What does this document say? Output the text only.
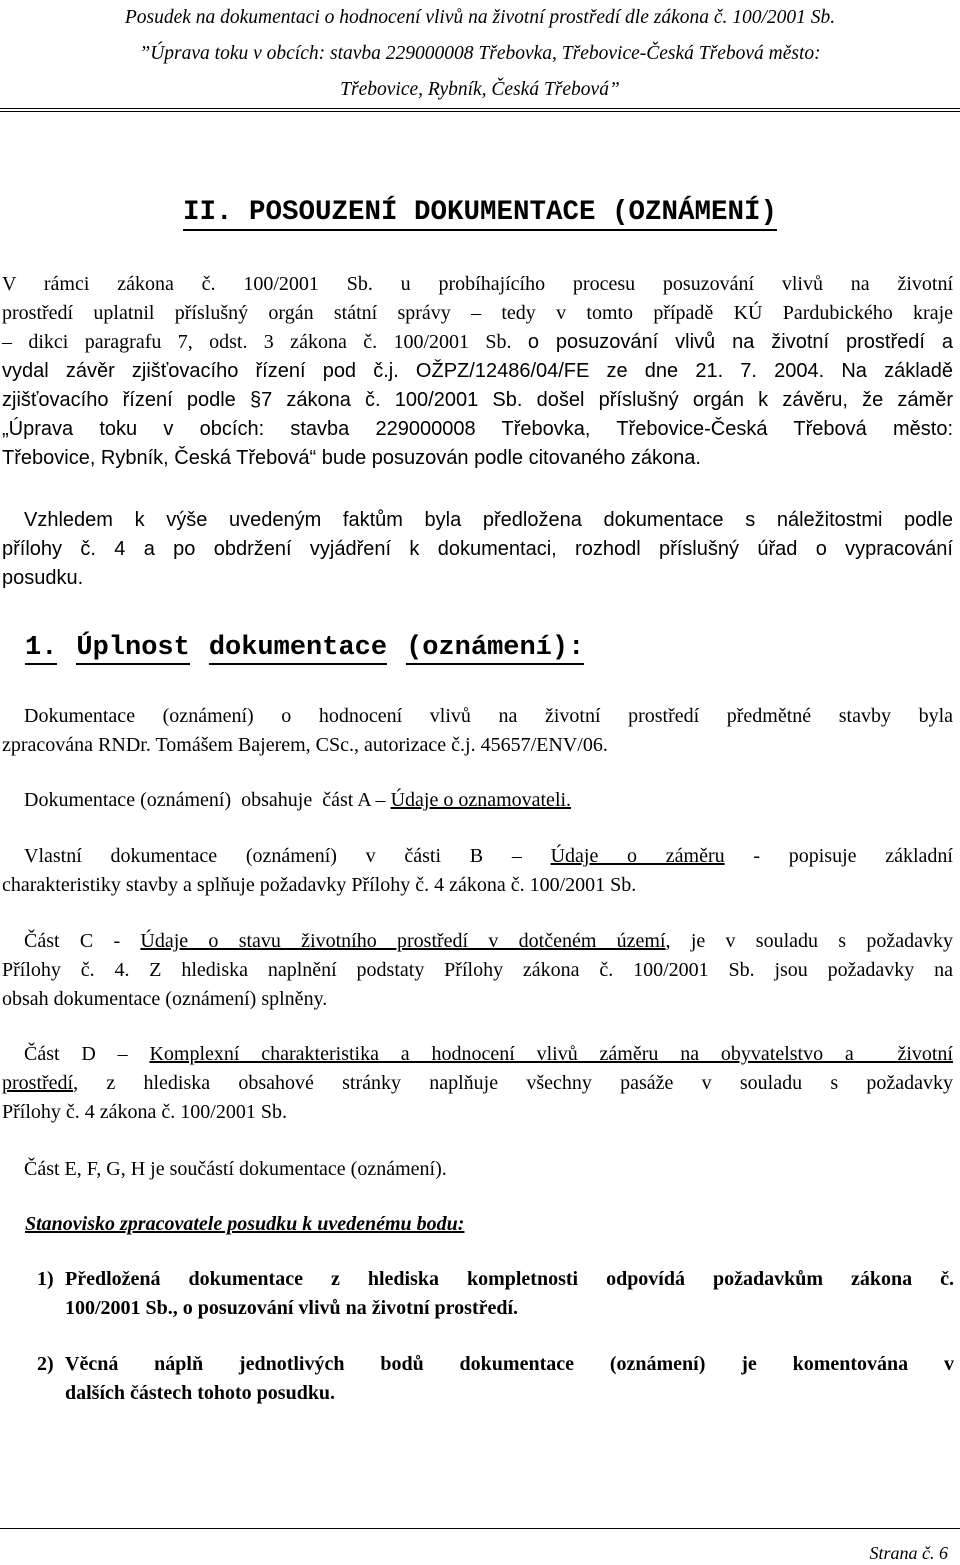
Posudek na dokumentaci o hodnocení vlivů na životní prostředí dle zákona č. 100/2001 Sb.
”Úprava toku v obcích: stavba 229000008 Třebovka, Třebovice-Česká Třebová město:
Třebovice, Rybník, Česká Třebová”
II. POSOUZENÍ DOKUMENTACE (OZNÁMENÍ)
V rámci zákona č. 100/2001 Sb. u probíhajícího procesu posuzování vlivů na životní
prostředí uplatnil příslušný orgán státní správy – tedy v tomto případě KÚ Pardubického kraje
– dikci paragrafu 7, odst. 3 zákona č. 100/2001 Sb. o posuzování vlivů na životní prostředí a
vydal závěr zjišťovacího řízení pod č.j. OŽPZ/12486/04/FE ze dne 21. 7. 2004. Na základě
zjišťovacího řízení podle §7 zákona č. 100/2001 Sb. došel příslušný orgán k závěru, že záměr
„Úprava toku v obcích: stavba 229000008 Třebovka, Třebovice-Česká Třebová město:
Třebovice, Rybník, Česká Třebová“ bude posuzován podle citovaného zákona.
Vzhledem k výše uvedeným faktům byla předložena dokumentace s náležitostmi podle
přílohy č. 4 a po obdržení vyjádření k dokumentaci, rozhodl příslušný úřad o vypracování
posudku.
1. Úplnost dokumentace (oznámení):
Dokumentace (oznámení) o hodnocení vlivů na životní prostředí předmětné stavby byla
zpracována RNDr. Tomášem Bajerem, CSc., autorizace č.j. 45657/ENV/06.
Dokumentace (oznámení)  obsahuje  část A – Údaje o oznamovateli.
Vlastní dokumentace (oznámení) v části B – Údaje o záměru - popisuje základní
charakteristiky stavby a splňuje požadavky Přílohy č. 4 zákona č. 100/2001 Sb.
Část C - Údaje o stavu životního prostředí v dotčeném území, je v souladu s požadavky
Přílohy č. 4. Z hlediska naplnění podstaty Přílohy zákona č. 100/2001 Sb. jsou požadavky na
obsah dokumentace (oznámení) splněny.
Část D – Komplexní charakteristika a hodnocení vlivů záměru na obyvatelstvo a  životní
prostředí, z hlediska obsahové stránky naplňuje všechny pasáže v souladu s požadavky
Přílohy č. 4 zákona č. 100/2001 Sb.
Část E, F, G, H je součástí dokumentace (oznámení).
Stanovisko zpracovatele posudku k uvedenému bodu:
1) Předložená dokumentace z hlediska kompletnosti odpovídá požadavkům zákona č.
100/2001 Sb., o posuzování vlivů na životní prostředí.
2) Věcná náplň jednotlivých bodů dokumentace (oznámení) je komentována v
dalších částech tohoto posudku.
Strana č. 6
